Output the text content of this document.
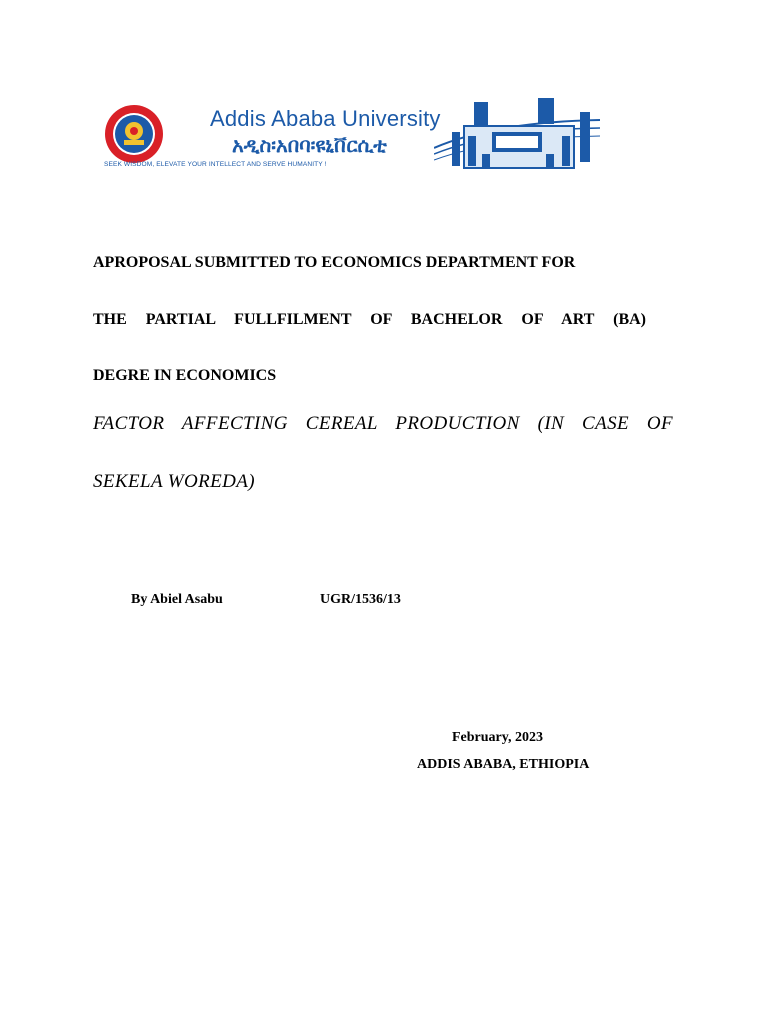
Addis Ababa University
አዲስ፡አበባ፡ዩኒቨርሲቲ
SEEK WISDOM, ELEVATE YOUR INTELLECT AND SERVE HUMANITY !
APROPOSAL SUBMITTED TO ECONOMICS DEPARTMENT FOR
THE PARTIAL FULLFILMENT OF BACHELOR OF ART (BA)
DEGRE IN ECONOMICS
FACTOR AFFECTING CEREAL PRODUCTION (IN CASE OF
SEKELA WOREDA)
By Abiel Asabu	UGR/1536/13
February, 2023
ADDIS ABABA, ETHIOPIA
